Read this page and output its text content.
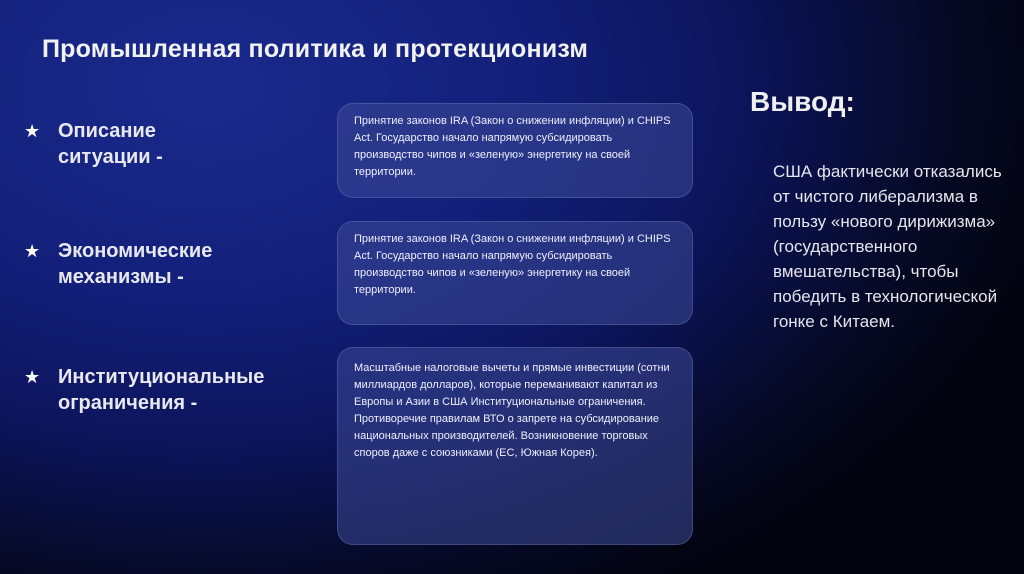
Промышленная политика и протекционизм
★ Описание
ситуации -
Принятие законов IRA (Закон о снижении инфляции) и CHIPS Act. Государство начало напрямую субсидировать производство чипов и «зеленую» энергетику на своей территории.
★ Экономические
механизмы -
Принятие законов IRA (Закон о снижении инфляции) и CHIPS Act. Государство начало напрямую субсидировать производство чипов и «зеленую» энергетику на своей территории.
★ Институциональные
ограничения -
Масштабные налоговые вычеты и прямые инвестиции (сотни миллиардов долларов), которые переманивают капитал из Европы и Азии в США Институциональные ограничения. Противоречие правилам ВТО о запрете на субсидирование национальных производителей. Возникновение торговых споров даже с союзниками (ЕС, Южная Корея).
Вывод:
США фактически отказались от чистого либерализма в пользу «нового дирижизма» (государственного вмешательства), чтобы победить в технологической гонке с Китаем.
